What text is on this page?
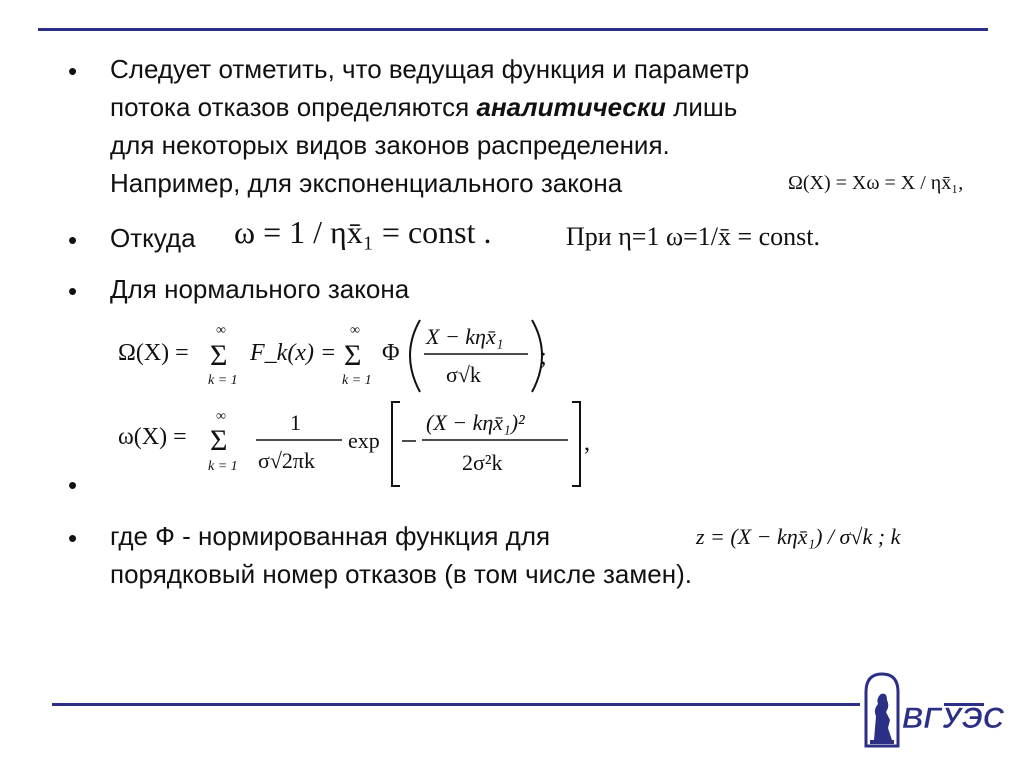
• Следует отметить, что ведущая функция и параметр
потока отказов определяются аналитически лишь
для некоторых видов законов распределения.
Например, для экспоненциального закона	Ω(X) = Xω = X / ηx̄₁,
• Откуда ω = 1 / ηx̄₁ = const .	При η=1 ω=1/x̄ = const.
• Для нормального закона
Ω(X) =
∞
Σ
k = 1
F_k(x) =
∞
Σ
k = 1
Φ
X − kηx̄₁
σ√k
;
ω(X) =
∞
Σ
k = 1
1
σ√2πk
exp
(X − kηx̄₁)²
2σ²k
,
•
• где Ф - нормированная функция для	z = (X − kηx̄₁) / σ√k ; k
порядковый номер отказов (в том числе замен).
ВГУЭС
